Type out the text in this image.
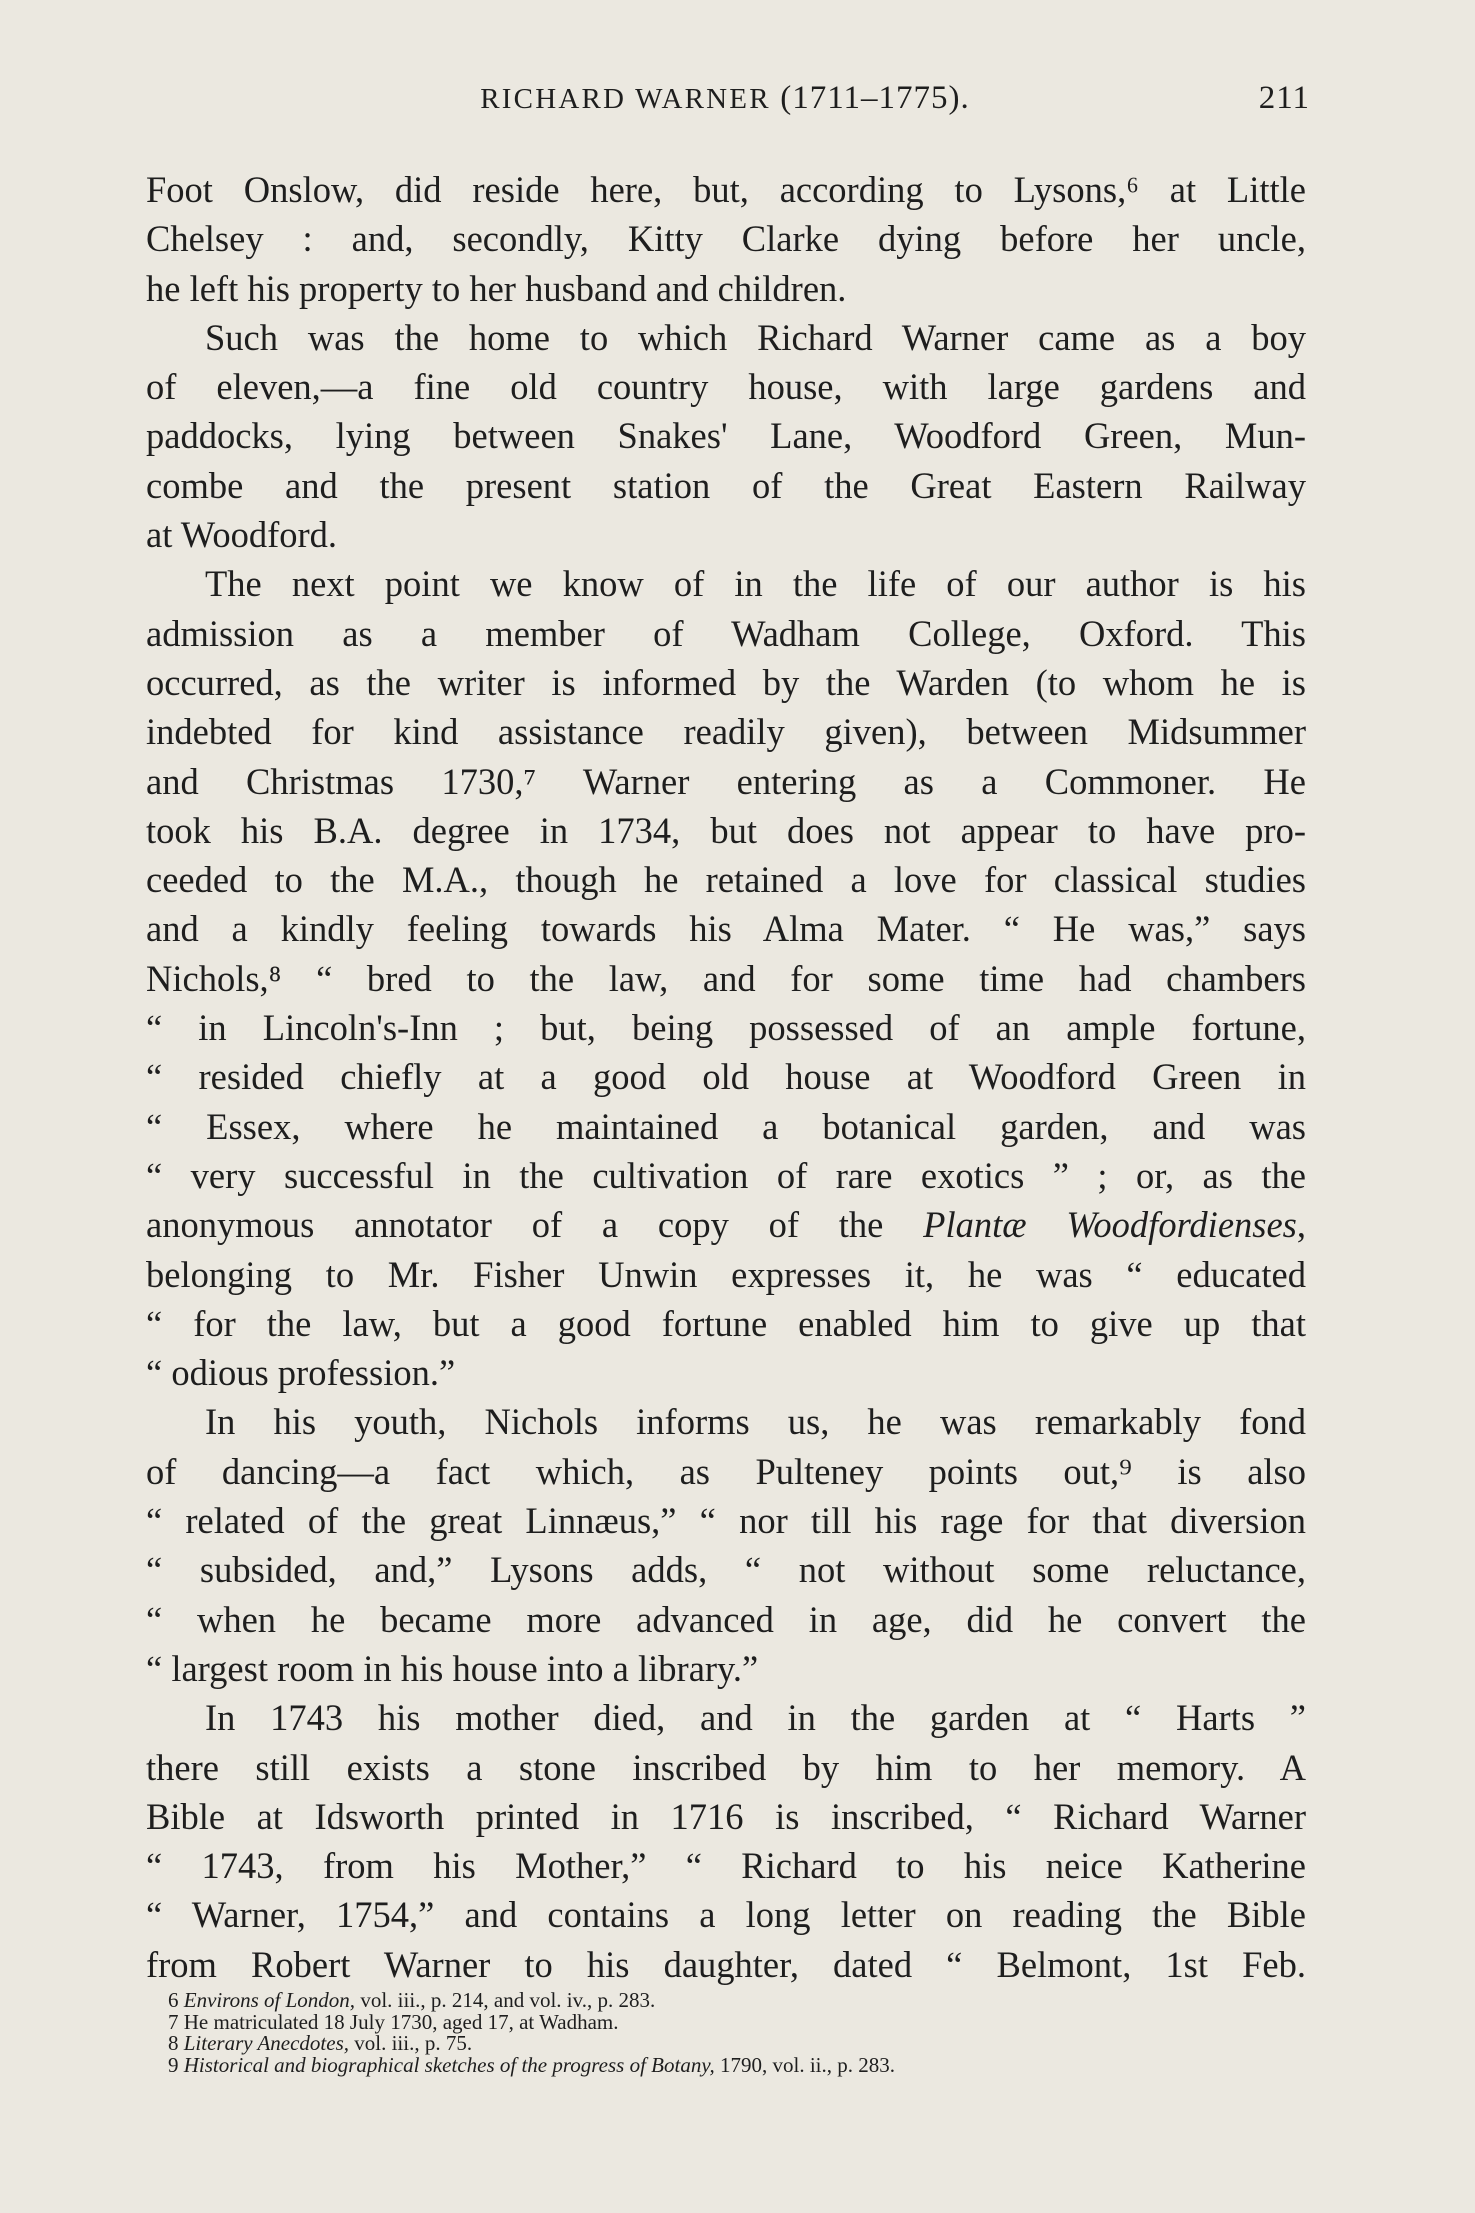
RICHARD WARNER (1711–1775).	211
Foot Onslow, did reside here, but, according to Lysons,⁶ at Little
Chelsey : and, secondly, Kitty Clarke dying before her uncle,
he left his property to her husband and children.
Such was the home to which Richard Warner came as a boy
of eleven,—a fine old country house, with large gardens and
paddocks, lying between Snakes' Lane, Woodford Green, Mun-
combe and the present station of the Great Eastern Railway
at Woodford.
The next point we know of in the life of our author is his
admission as a member of Wadham College, Oxford. This
occurred, as the writer is informed by the Warden (to whom he is
indebted for kind assistance readily given), between Midsummer
and Christmas 1730,⁷ Warner entering as a Commoner. He
took his B.A. degree in 1734, but does not appear to have pro-
ceeded to the M.A., though he retained a love for classical studies
and a kindly feeling towards his Alma Mater. “ He was,” says
Nichols,⁸ “ bred to the law, and for some time had chambers
“ in Lincoln's-Inn ; but, being possessed of an ample fortune,
“ resided chiefly at a good old house at Woodford Green in
“ Essex, where he maintained a botanical garden, and was
“ very successful in the cultivation of rare exotics ” ; or, as the
anonymous annotator of a copy of the Plantæ Woodfordienses,
belonging to Mr. Fisher Unwin expresses it, he was “ educated
“ for the law, but a good fortune enabled him to give up that
“ odious profession.”
In his youth, Nichols informs us, he was remarkably fond
of dancing—a fact which, as Pulteney points out,⁹ is also
“ related of the great Linnæus,” “ nor till his rage for that diversion
“ subsided, and,” Lysons adds, “ not without some reluctance,
“ when he became more advanced in age, did he convert the
“ largest room in his house into a library.”
In 1743 his mother died, and in the garden at “ Harts ”
there still exists a stone inscribed by him to her memory. A
Bible at Idsworth printed in 1716 is inscribed, “ Richard Warner
“ 1743, from his Mother,” “ Richard to his neice Katherine
“ Warner, 1754,” and contains a long letter on reading the Bible
from Robert Warner to his daughter, dated “ Belmont, 1st Feb.
6 Environs of London, vol. iii., p. 214, and vol. iv., p. 283.
7 He matriculated 18 July 1730, aged 17, at Wadham.
8 Literary Anecdotes, vol. iii., p. 75.
9 Historical and biographical sketches of the progress of Botany, 1790, vol. ii., p. 283.
